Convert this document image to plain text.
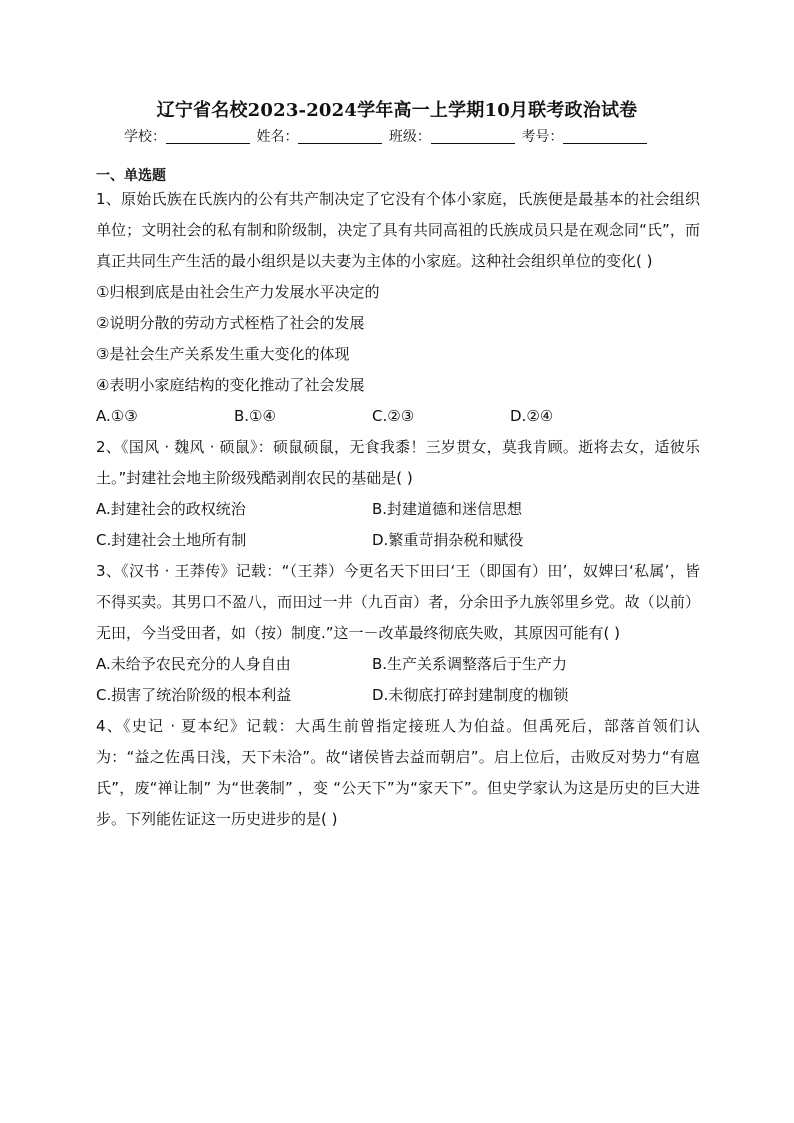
辽宁省名校2023-2024学年高一上学期10月联考政治试卷
学校：	姓名：	班级：	考号：
一、单选题

1、原始氏族在氏族内的公有共产制决定了它没有个体小家庭，氏族便是最基本的社会组织单位；文明社会的私有制和阶级制，决定了具有共同高祖的氏族成员只是在观念同“氏”，而真正共同生产生活的最小组织是以夫妻为主体的小家庭。这种社会组织单位的变化( )

①归根到底是由社会生产力发展水平决定的

②说明分散的劳动方式桎梏了社会的发展

③是社会生产关系发生重大变化的体现

④表明小家庭结构的变化推动了社会发展

A.①③	B.①④	C.②③	D.②④

2、《国风 · 魏风 · 硕鼠》：硕鼠硕鼠，无食我黍！三岁贯女，莫我肯顾。逝将去女，适彼乐土。”封建社会地主阶级残酷剥削农民的基础是( )

A.封建社会的政权统治	B.封建道德和迷信思想
C.封建社会土地所有制	D.繁重苛捐杂税和赋役

3、《汉书 · 王莽传》记载：“（王莽）今更名天下田曰‘王（即国有）田’，奴婢曰‘私属’，皆不得买卖。其男口不盈八，而田过一井（九百亩）者，分余田予九族邻里乡党。故（以前）无田，今当受田者，如（按）制度.”这一－改革最终彻底失败，其原因可能有( )

A.未给予农民充分的人身自由	B.生产关系调整落后于生产力
C.损害了统治阶级的根本利益	D.未彻底打碎封建制度的枷锁

4、《史记 · 夏本纪》记载：大禹生前曾指定接班人为伯益。但禹死后，部落首领们认为：“益之佐禹日浅，天下未洽”。故“诸侯皆去益而朝启”。启上位后，击败反对势力“有扈氏”，废“禅让制” 为“世袭制” ，变 “公天下”为“家天下”。但史学家认为这是历史的巨大进步。下列能佐证这一历史进步的是( )
